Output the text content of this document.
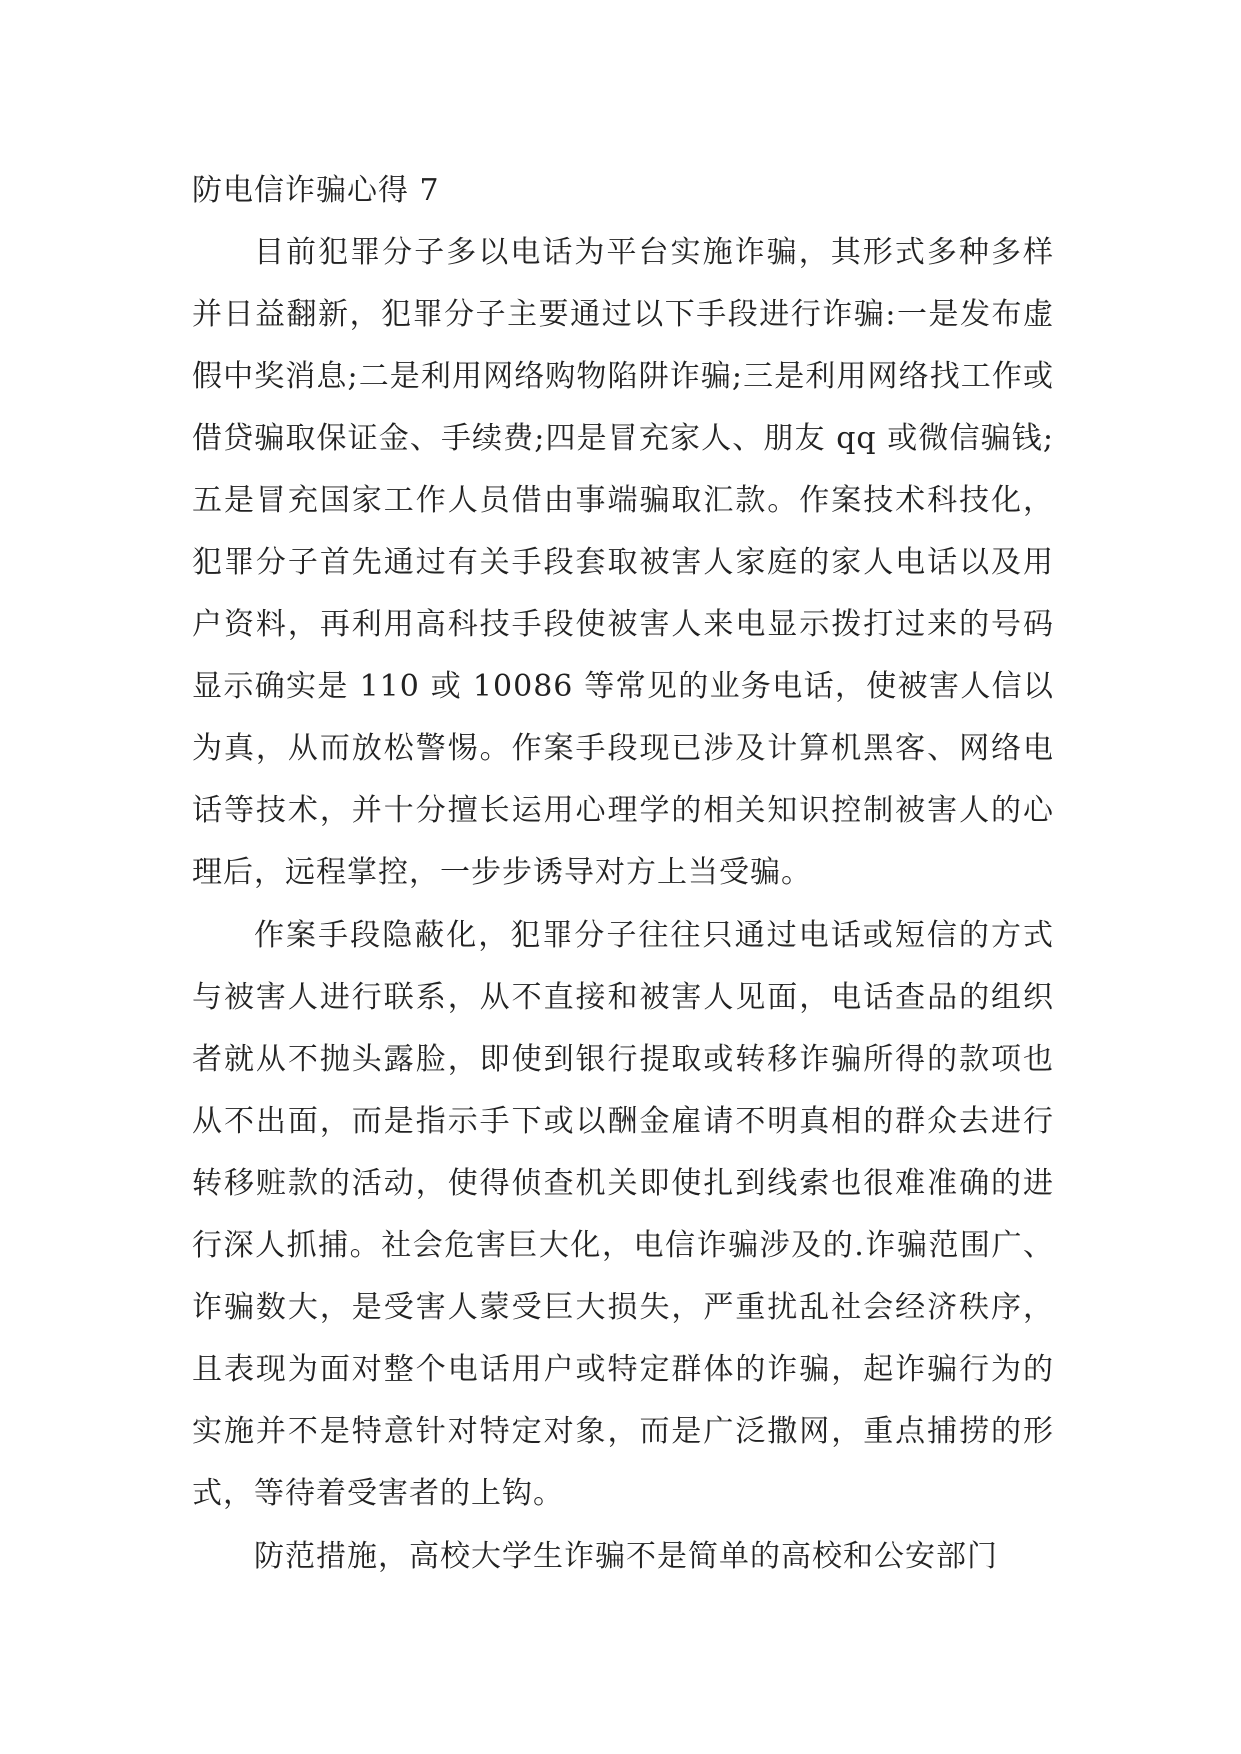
防电信诈骗心得 7

目前犯罪分子多以电话为平台实施诈骗，其形式多种多样并日益翻新，犯罪分子主要通过以下手段进行诈骗:一是发布虚假中奖消息;二是利用网络购物陷阱诈骗;三是利用网络找工作或借贷骗取保证金、手续费;四是冒充家人、朋友 qq 或微信骗钱;五是冒充国家工作人员借由事端骗取汇款。作案技术科技化，犯罪分子首先通过有关手段套取被害人家庭的家人电话以及用户资料，再利用高科技手段使被害人来电显示拨打过来的号码显示确实是 110 或 10086 等常见的业务电话，使被害人信以为真，从而放松警惕。作案手段现已涉及计算机黑客、网络电话等技术，并十分擅长运用心理学的相关知识控制被害人的心理后，远程掌控，一步步诱导对方上当受骗。

作案手段隐蔽化，犯罪分子往往只通过电话或短信的方式与被害人进行联系，从不直接和被害人见面，电话查品的组织者就从不抛头露脸，即使到银行提取或转移诈骗所得的款项也从不出面，而是指示手下或以酬金雇请不明真相的群众去进行转移赃款的活动，使得侦查机关即使扎到线索也很难准确的进行深人抓捕。社会危害巨大化，电信诈骗涉及的.诈骗范围广、诈骗数大，是受害人蒙受巨大损失，严重扰乱社会经济秩序，且表现为面对整个电话用户或特定群体的诈骗，起诈骗行为的实施并不是特意针对特定对象，而是广泛撒网，重点捕捞的形式，等待着受害者的上钩。

防范措施，高校大学生诈骗不是简单的高校和公安部门
